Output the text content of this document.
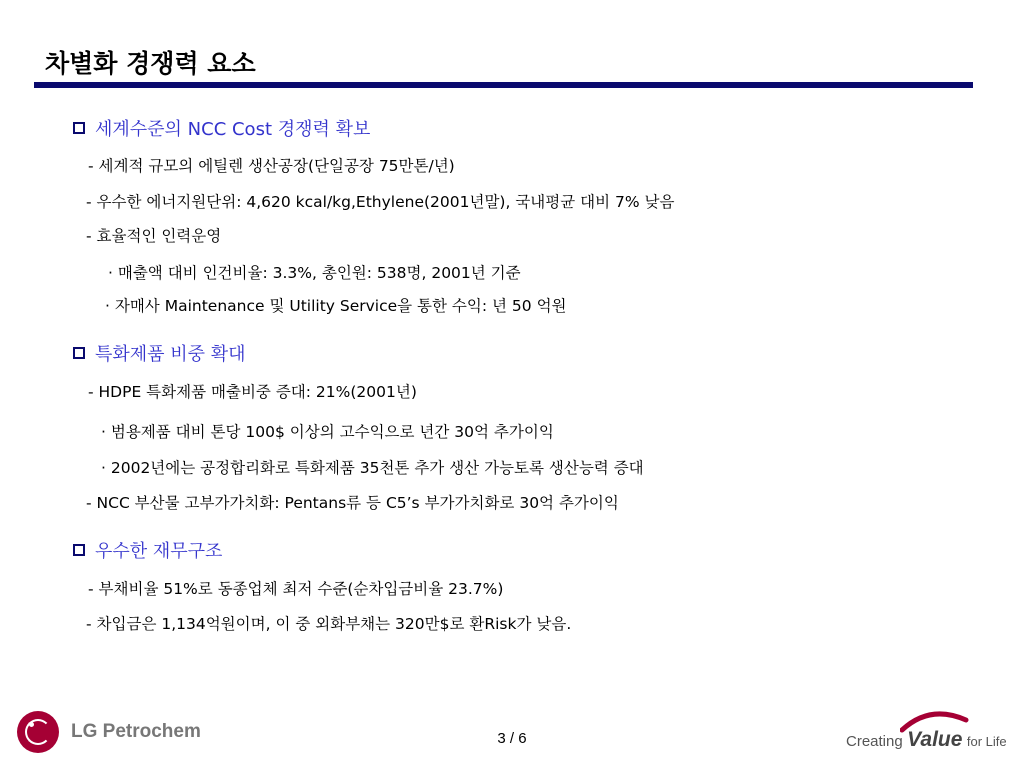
차별화 경쟁력 요소
세계수준의 NCC Cost 경쟁력 확보
- 세계적 규모의 에틸렌 생산공장(단일공장 75만톤/년)
- 우수한 에너지원단위: 4,620 kcal/kg,Ethylene(2001년말), 국내평균 대비 7% 낮음
- 효율적인 인력운영
· 매출액 대비 인건비율: 3.3%, 총인원: 538명, 2001년 기준
· 자매사 Maintenance 및 Utility Service을 통한 수익: 년 50 억원
특화제품 비중 확대
- HDPE 특화제품 매출비중 증대: 21%(2001년)
· 범용제품 대비 톤당 100$ 이상의 고수익으로 년간 30억 추가이익
· 2002년에는 공정합리화로 특화제품 35천톤 추가 생산 가능토록 생산능력 증대
- NCC 부산물 고부가가치화: Pentans류 등 C5’s 부가가치화로 30억 추가이익
우수한 재무구조
- 부채비율 51%로 동종업체 최저 수준(순차입금비율 23.7%)
- 차입금은 1,134억원이며, 이 중 외화부채는 320만$로 환Risk가 낮음.
LG Petrochem	3 / 6	Creating Value for Life
